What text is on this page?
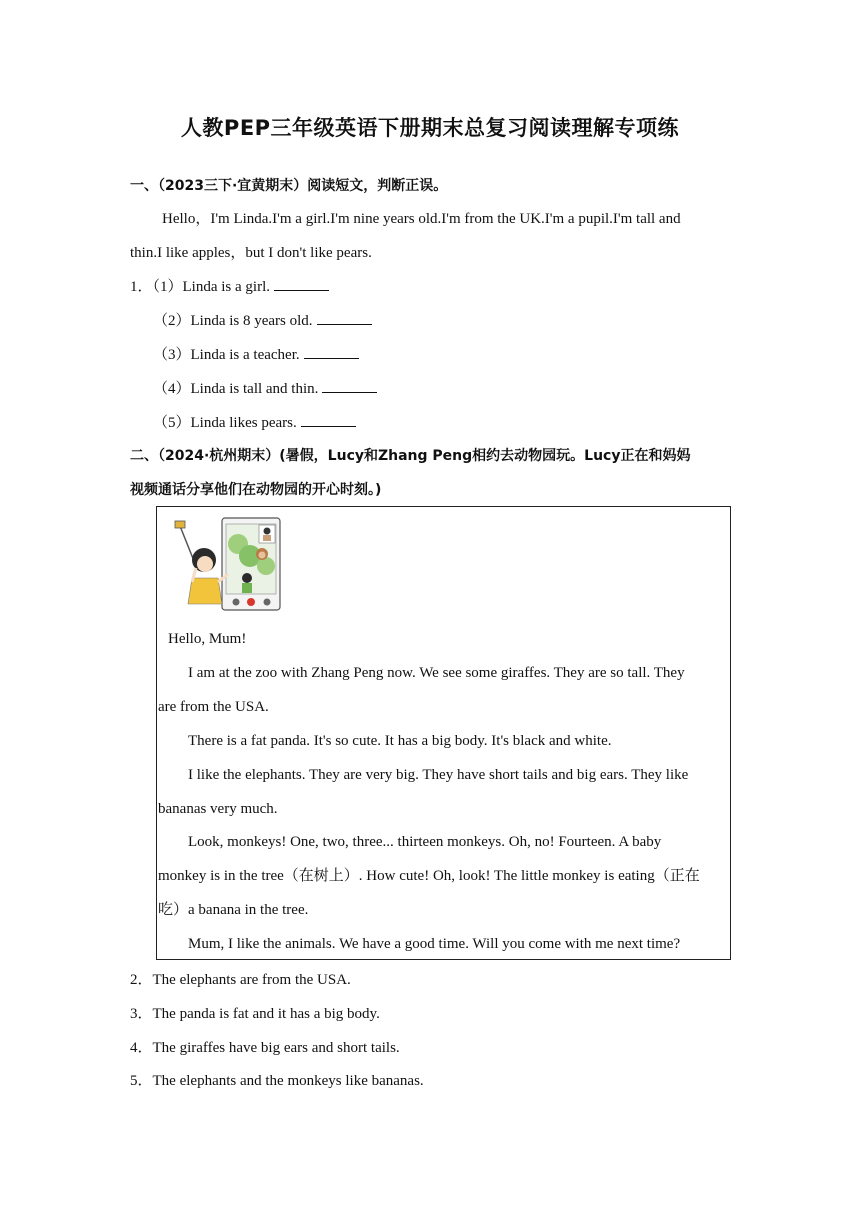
人教PEP三年级英语下册期末总复习阅读理解专项练
一、（2023三下·宜黄期末）阅读短文，判断正误。
Hello，I'm Linda.I'm a girl.I'm nine years old.I'm from the UK.I'm a pupil.I'm tall and
thin.I like apples，but I don't like pears.
1．（1）Linda is a girl.
（2）Linda is 8 years old.
（3）Linda is a teacher.
（4）Linda is tall and thin.
（5）Linda likes pears.
二、（2024·杭州期末）(暑假，Lucy和Zhang Peng相约去动物园玩。Lucy正在和妈妈
视频通话分享他们在动物园的开心时刻。)
Hello, Mum!
I am at the zoo with Zhang Peng now. We see some giraffes. They are so tall. They
are from the USA.
There is a fat panda. It's so cute. It has a big body. It's black and white.
I like the elephants. They are very big. They have short tails and big ears. They like
bananas very much.
Look, monkeys! One, two, three... thirteen monkeys. Oh, no! Fourteen. A baby
monkey is in the tree（在树上）. How cute! Oh, look! The little monkey is eating（正在
吃）a banana in the tree.
Mum, I like the animals. We have a good time. Will you come with me next time?
2．The elephants are from the USA.
3．The panda is fat and it has a big body.
4．The giraffes have big ears and short tails.
5．The elephants and the monkeys like bananas.
